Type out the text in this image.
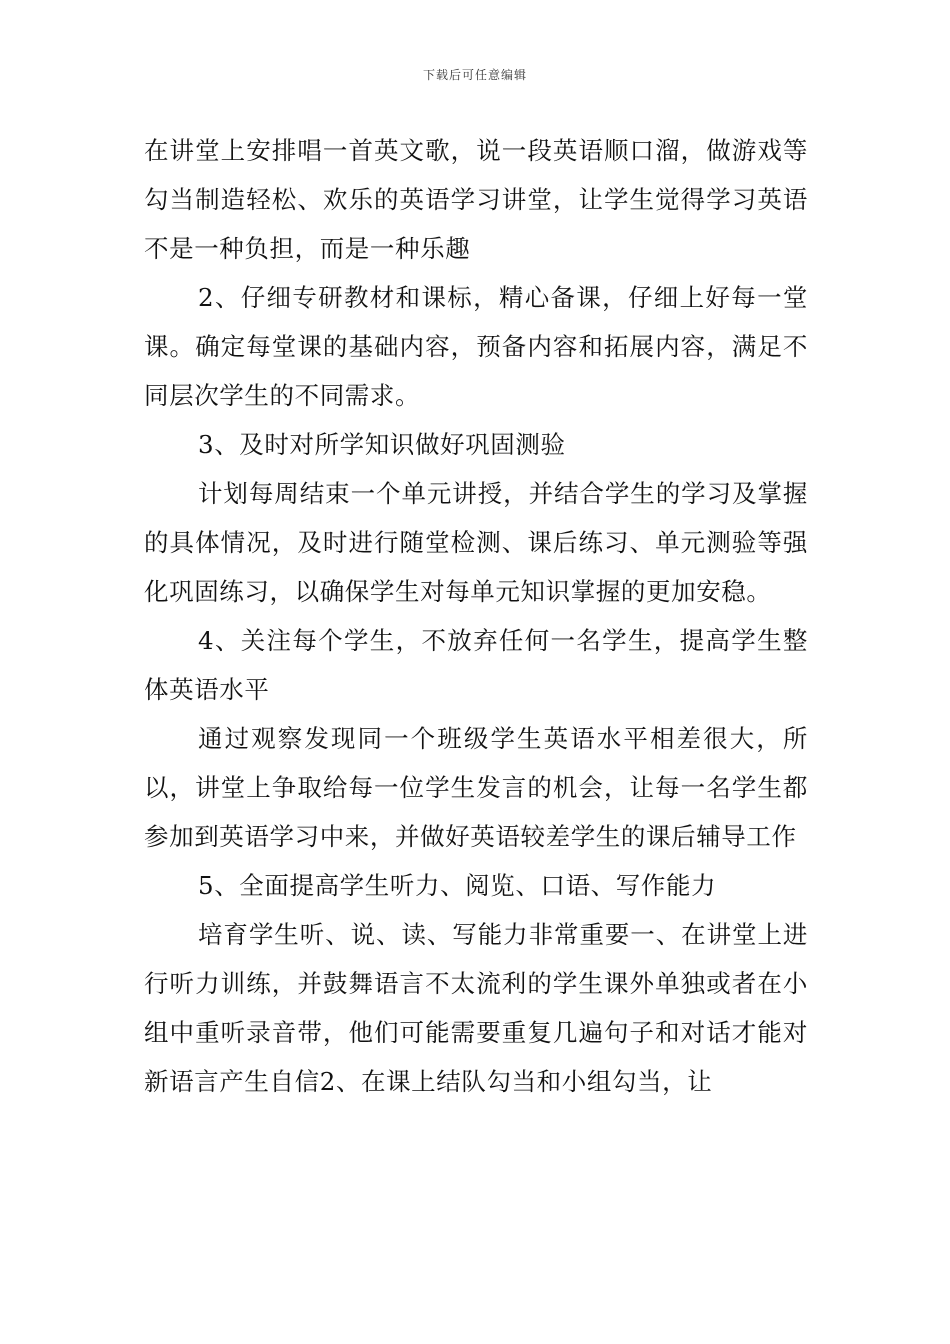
下载后可任意编辑

在讲堂上安排唱一首英文歌，说一段英语顺口溜，做游戏等勾当制造轻松、欢乐的英语学习讲堂，让学生觉得学习英语不是一种负担，而是一种乐趣

2、仔细专研教材和课标，精心备课，仔细上好每一堂课。确定每堂课的基础内容，预备内容和拓展内容，满足不同层次学生的不同需求。

3、及时对所学知识做好巩固测验

计划每周结束一个单元讲授，并结合学生的学习及掌握的具体情况，及时进行随堂检测、课后练习、单元测验等强化巩固练习，以确保学生对每单元知识掌握的更加安稳。

4、关注每个学生，不放弃任何一名学生，提高学生整体英语水平

通过观察发现同一个班级学生英语水平相差很大，所以，讲堂上争取给每一位学生发言的机会，让每一名学生都参加到英语学习中来，并做好英语较差学生的课后辅导工作

5、全面提高学生听力、阅览、口语、写作能力

培育学生听、说、读、写能力非常重要一、在讲堂上进行听力训练，并鼓舞语言不太流利的学生课外单独或者在小组中重听录音带，他们可能需要重复几遍句子和对话才能对新语言产生自信2、在课上结队勾当和小组勾当，让
